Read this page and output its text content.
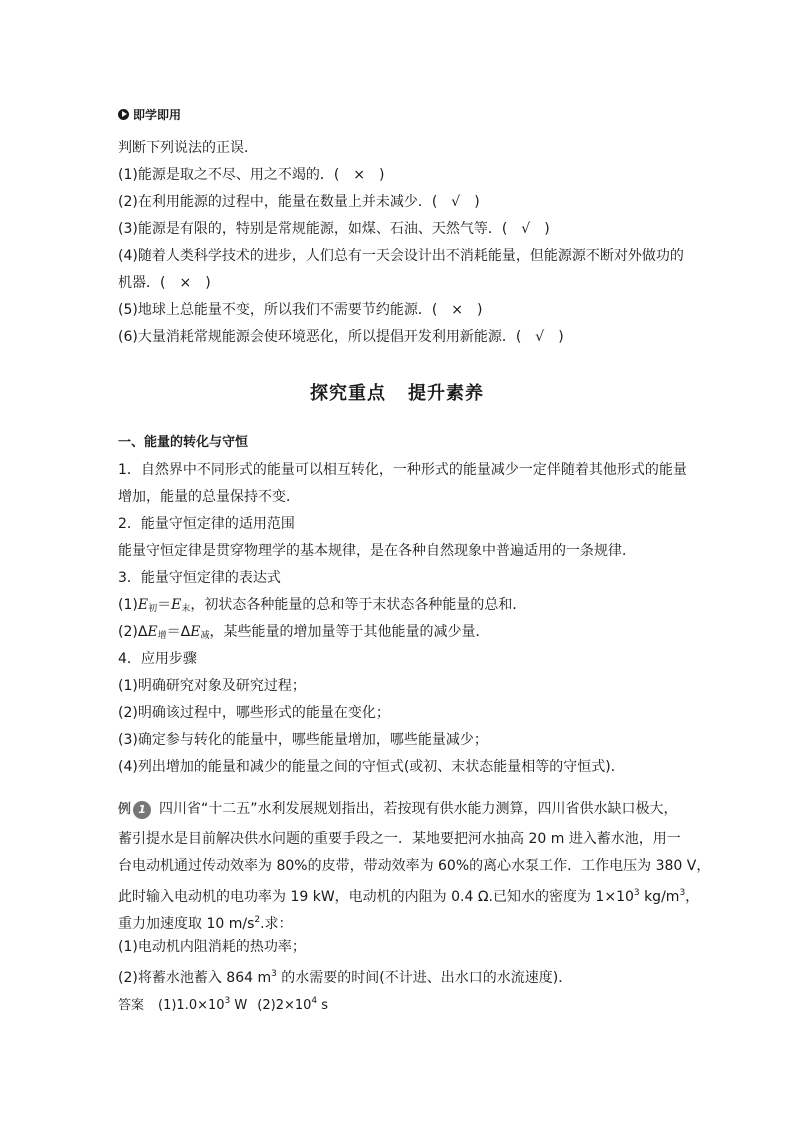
即学即用
判断下列说法的正误．
(1)能源是取之不尽、用之不竭的．(　×　)
(2)在利用能源的过程中，能量在数量上并未减少．(　√　)
(3)能源是有限的，特别是常规能源，如煤、石油、天然气等．(　√　)
(4)随着人类科学技术的进步，人们总有一天会设计出不消耗能量，但能源源不断对外做功的
机器．(　×　)
(5)地球上总能量不变，所以我们不需要节约能源．(　×　)
(6)大量消耗常规能源会使环境恶化，所以提倡开发利用新能源．(　√　)
探究重点 提升素养
一、能量的转化与守恒
1．自然界中不同形式的能量可以相互转化，一种形式的能量减少一定伴随着其他形式的能量
增加，能量的总量保持不变．
2．能量守恒定律的适用范围
能量守恒定律是贯穿物理学的基本规律，是在各种自然现象中普遍适用的一条规律．
3．能量守恒定律的表达式
$(1)E_初=E_末$，初状态各种能量的总和等于末状态各种能量的总和．
$(2)\Delta E_增=\Delta E_减$，某些能量的增加量等于其他能量的减少量．
4．应用步骤
(1)明确研究对象及研究过程；
(2)明确该过程中，哪些形式的能量在变化；
(3)确定参与转化的能量中，哪些能量增加，哪些能量减少；
(4)列出增加的能量和减少的能量之间的守恒式(或初、末状态能量相等的守恒式)．
例 1 四川省“十二五”水利发展规划指出，若按现有供水能力测算，四川省供水缺口极大，
蓄引提水是目前解决供水问题的重要手段之一．某地要把河水抽高 20 m 进入蓄水池，用一
台电动机通过传动效率为 80%的皮带，带动效率为 60%的离心水泵工作．工作电压为 380 V，
此时输入电动机的电功率为 19 kW，电动机的内阻为 0.4 Ω.已知水的密度为 $1\times 10^3$ $kg/m^3$，
重力加速度取 10 $m/s^2$.求：
(1)电动机内阻消耗的热功率；
(2)将蓄水池蓄入 864 $m^3$ 的水需要的时间(不计进、出水口的水流速度)．
答案 $(1)1.0\times 10^3$ W $(2)2\times 10^4$ s
